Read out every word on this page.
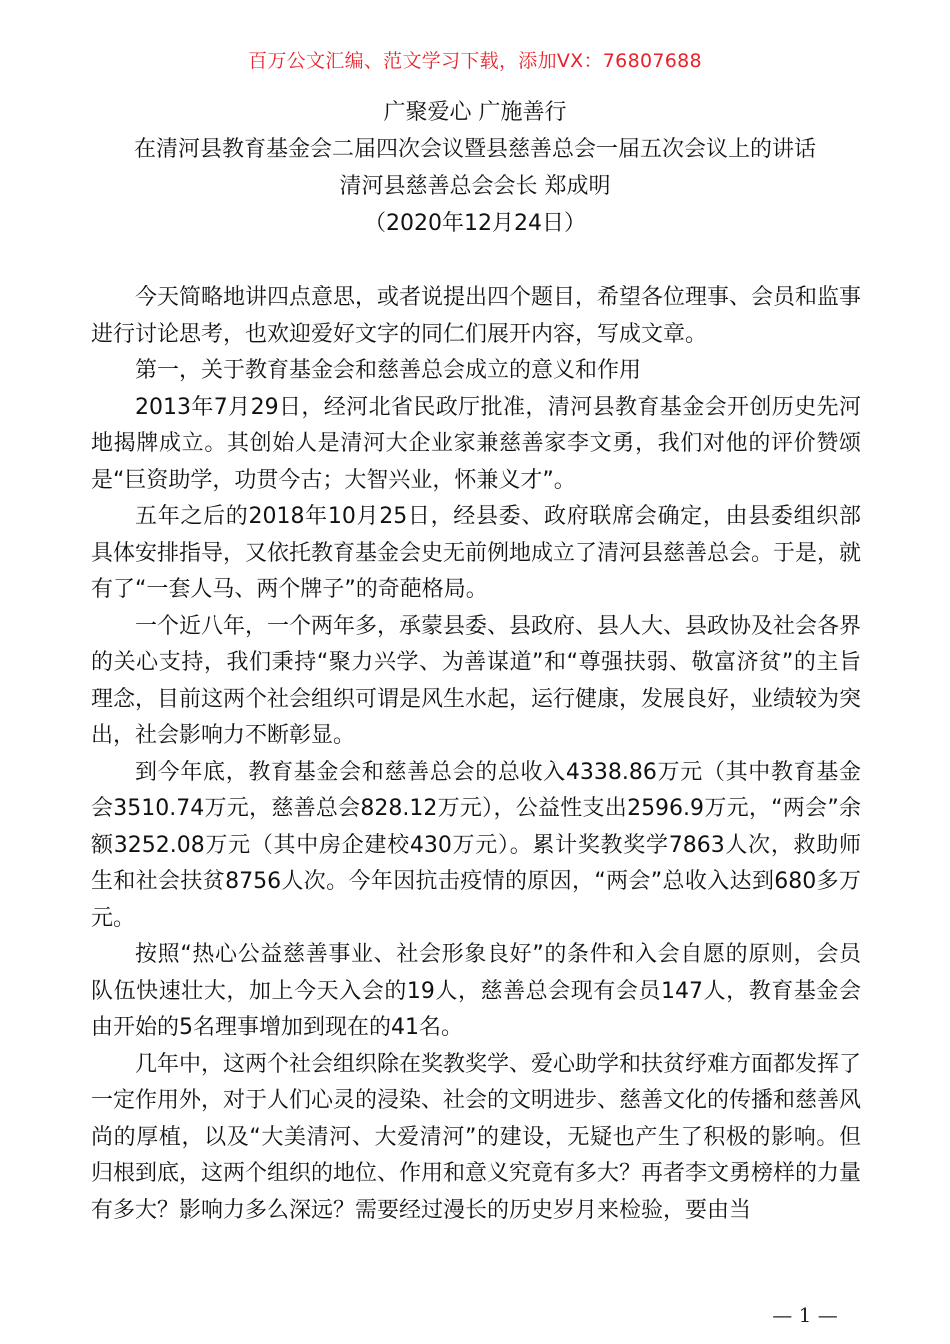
百万公文汇编、范文学习下载，添加VX：76807688
广聚爱心 广施善行
在清河县教育基金会二届四次会议暨县慈善总会一届五次会议上的讲话
清河县慈善总会会长 郑成明
（2020年12月24日）

今天简略地讲四点意思，或者说提出四个题目，希望各位理事、会员和监事进行讨论思考，也欢迎爱好文字的同仁们展开内容，写成文章。

第一，关于教育基金会和慈善总会成立的意义和作用

2013年7月29日，经河北省民政厅批准，清河县教育基金会开创历史先河地揭牌成立。其创始人是清河大企业家兼慈善家李文勇，我们对他的评价赞颂是“巨资助学，功贯今古；大智兴业，怀兼义才”。

五年之后的2018年10月25日，经县委、政府联席会确定，由县委组织部具体安排指导，又依托教育基金会史无前例地成立了清河县慈善总会。于是，就有了“一套人马、两个牌子”的奇葩格局。

一个近八年，一个两年多，承蒙县委、县政府、县人大、县政协及社会各界的关心支持，我们秉持“聚力兴学、为善谋道”和“尊强扶弱、敬富济贫”的主旨理念，目前这两个社会组织可谓是风生水起，运行健康，发展良好，业绩较为突出，社会影响力不断彰显。

到今年底，教育基金会和慈善总会的总收入4338.86万元（其中教育基金会3510.74万元，慈善总会828.12万元），公益性支出2596.9万元，“两会”余额3252.08万元（其中房企建校430万元）。累计奖教奖学7863人次，救助师生和社会扶贫8756人次。今年因抗击疫情的原因，“两会”总收入达到680多万元。

按照“热心公益慈善事业、社会形象良好”的条件和入会自愿的原则，会员队伍快速壮大，加上今天入会的19人，慈善总会现有会员147人，教育基金会由开始的5名理事增加到现在的41名。

几年中，这两个社会组织除在奖教奖学、爱心助学和扶贫纾难方面都发挥了一定作用外，对于人们心灵的浸染、社会的文明进步、慈善文化的传播和慈善风尚的厚植，以及“大美清河、大爱清河”的建设，无疑也产生了积极的影响。但归根到底，这两个组织的地位、作用和意义究竟有多大？再者李文勇榜样的力量有多大？影响力多么深远？需要经过漫长的历史岁月来检验，要由当

— 1 —
